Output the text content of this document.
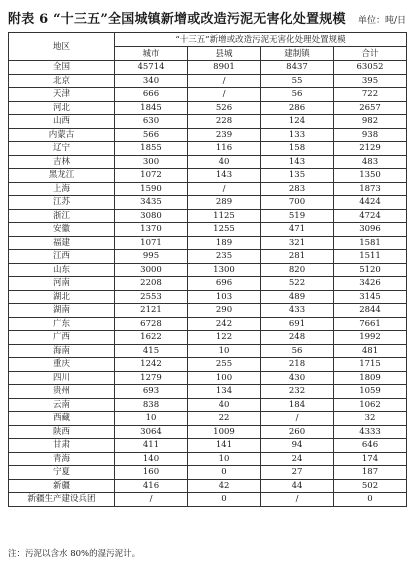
附表 6 “十三五”全国城镇新增或改造污泥无害化处置规模 单位：吨/日
地区	“十三五”新增或改造污泥无害化处理处置规模			
	城市	县城	建制镇	合计
全国	45714	8901	8437	63052
北京	340	/	55	395
天津	666	/	56	722
河北	1845	526	286	2657
山西	630	228	124	982
内蒙古	566	239	133	938
辽宁	1855	116	158	2129
吉林	300	40	143	483
黑龙江	1072	143	135	1350
上海	1590	/	283	1873
江苏	3435	289	700	4424
浙江	3080	1125	519	4724
安徽	1370	1255	471	3096
福建	1071	189	321	1581
江西	995	235	281	1511
山东	3000	1300	820	5120
河南	2208	696	522	3426
湖北	2553	103	489	3145
湖南	2121	290	433	2844
广东	6728	242	691	7661
广西	1622	122	248	1992
海南	415	10	56	481
重庆	1242	255	218	1715
四川	1279	100	430	1809
贵州	693	134	232	1059
云南	838	40	184	1062
西藏	10	22	/	32
陕西	3064	1009	260	4333
甘肃	411	141	94	646
青海	140	10	24	174
宁夏	160	0	27	187
新疆	416	42	44	502
新疆生产建设兵团	/	0	/	0
注：污泥以含水 80%的湿污泥计。
